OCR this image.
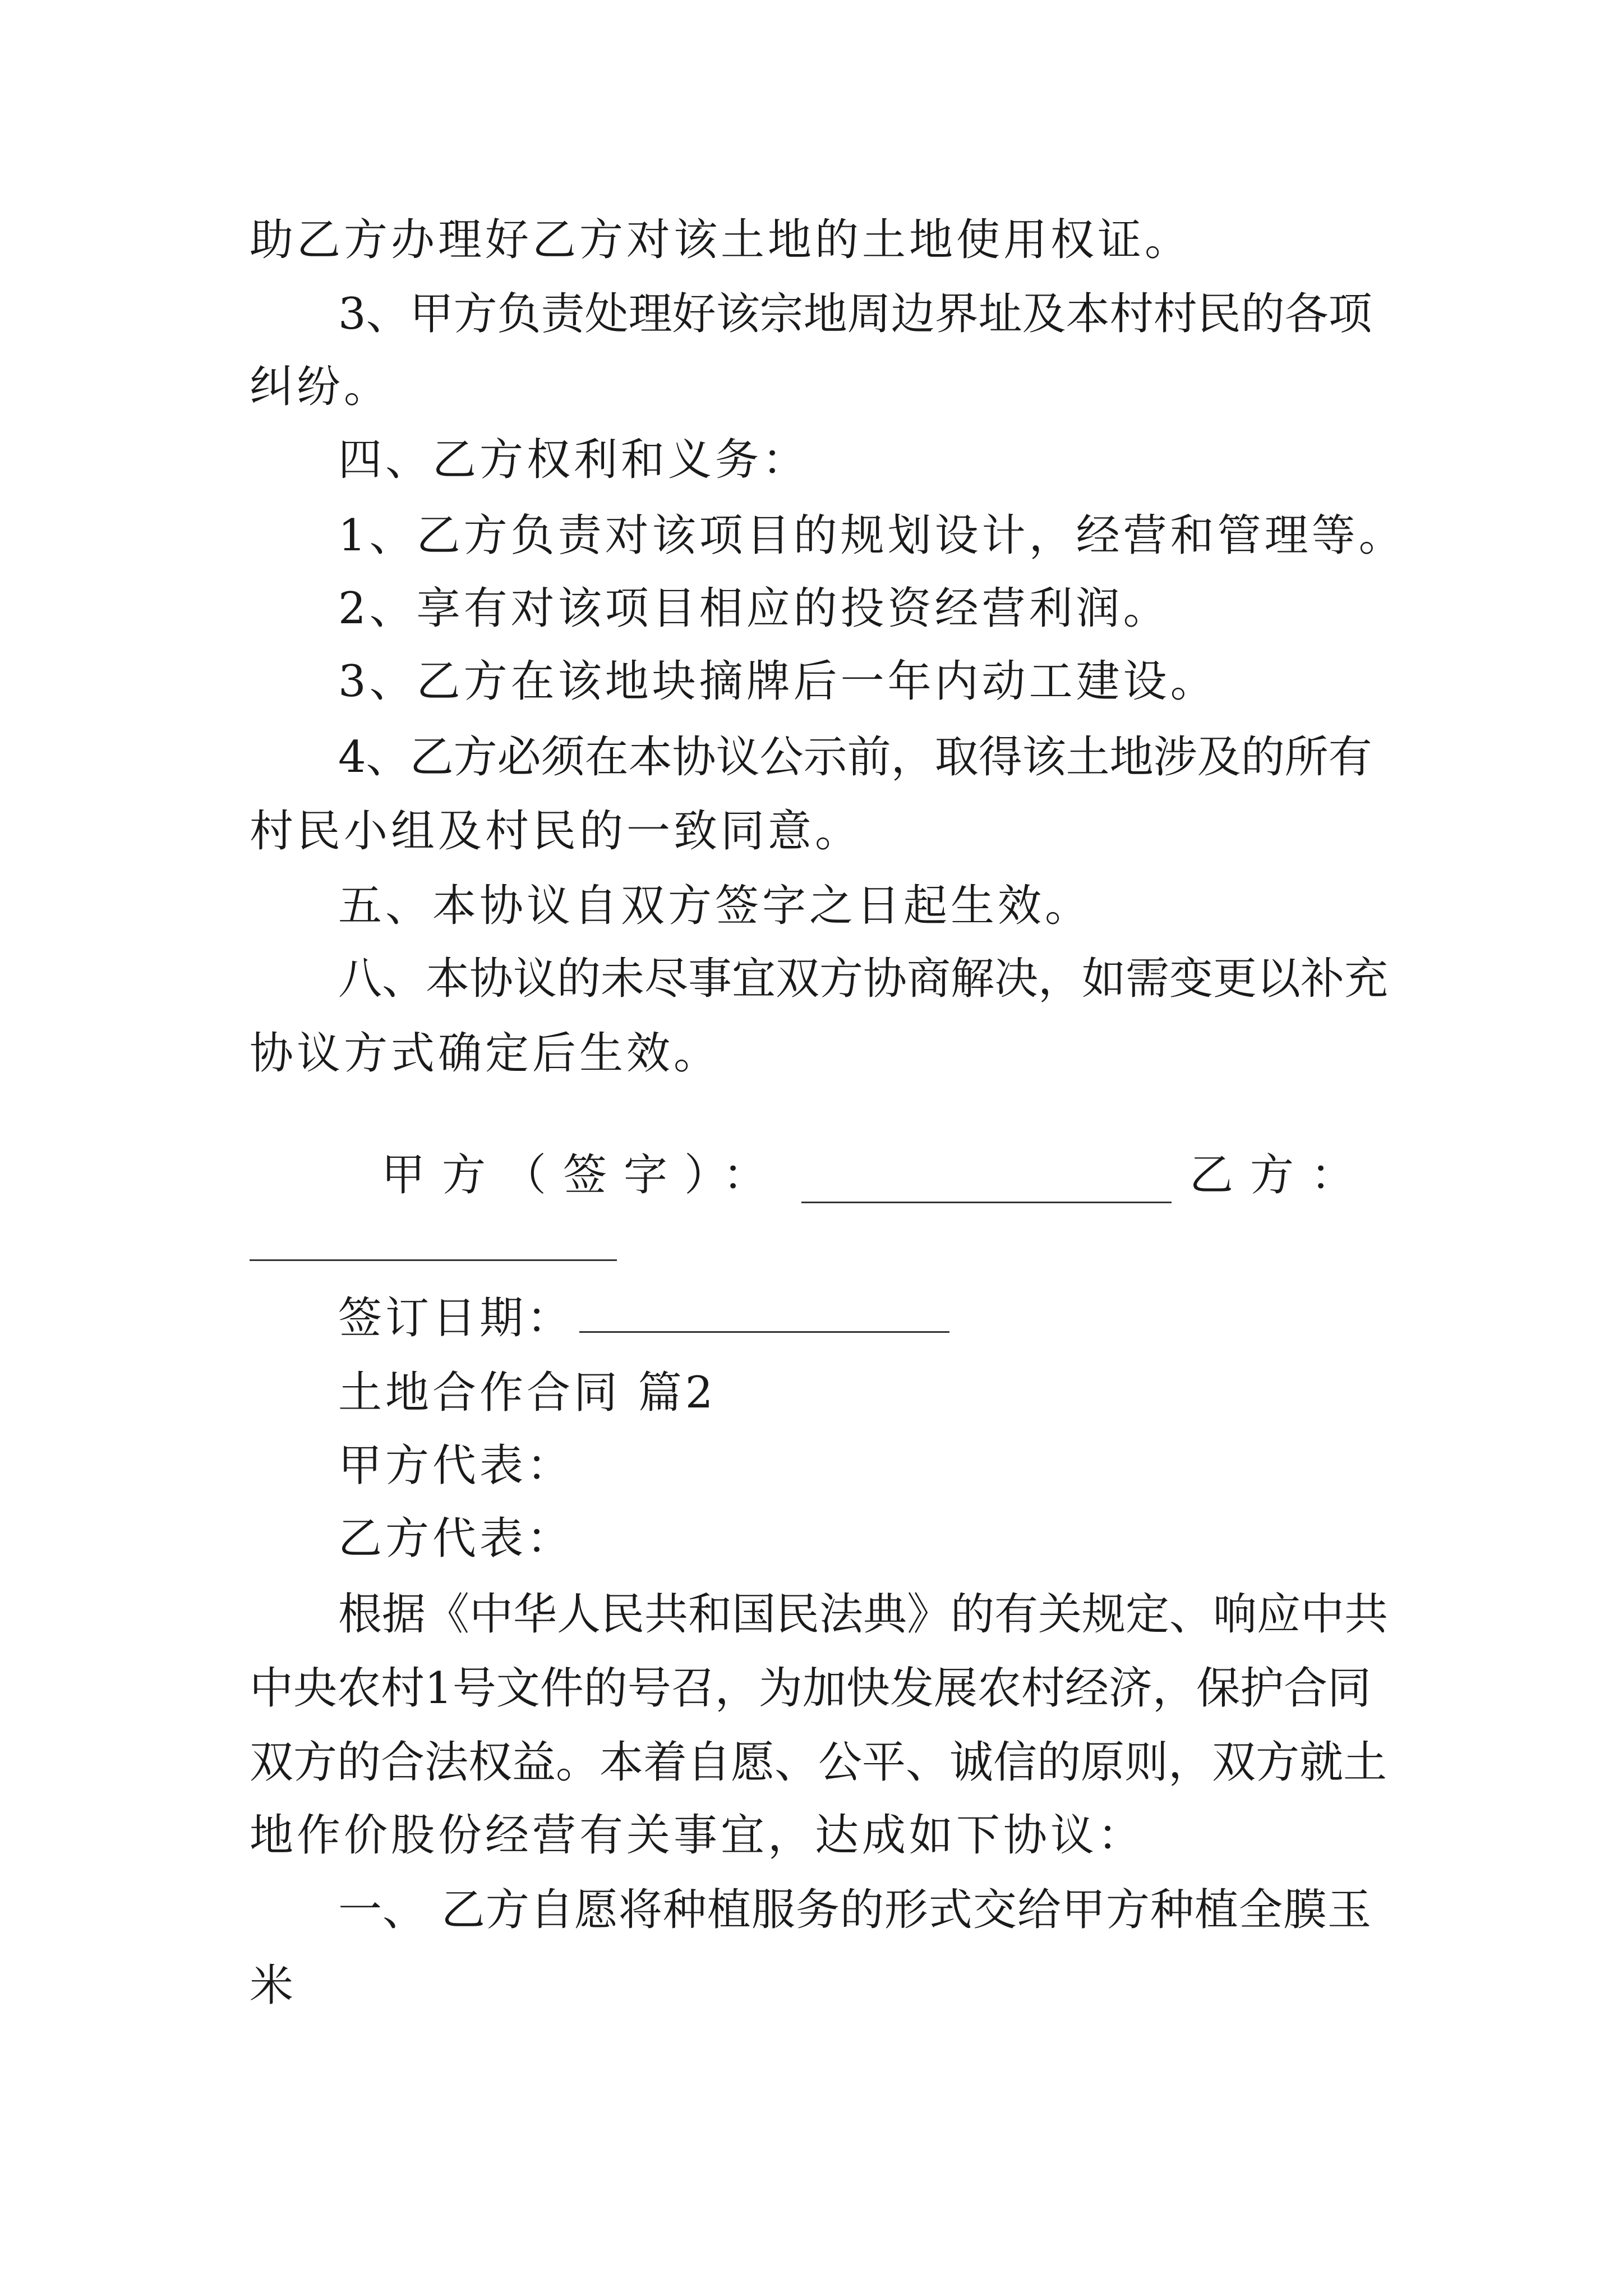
助乙方办理好乙方对该土地的土地使用权证。
3、甲方负责处理好该宗地周边界址及本村村民的各项
纠纷。
四、乙方权利和义务：
1、乙方负责对该项目的规划设计，经营和管理等。
2、享有对该项目相应的投资经营利润。
3、乙方在该地块摘牌后一年内动工建设。
4、乙方必须在本协议公示前，取得该土地涉及的所有
村民小组及村民的一致同意。
五、本协议自双方签字之日起生效。
八、本协议的未尽事宜双方协商解决，如需变更以补充
协议方式确定后生效。
甲方（签字）：	乙方：
签订日期：
土地合作合同 篇2
甲方代表：
乙方代表：
根据《中华人民共和国民法典》的有关规定、响应中共
中央农村1号文件的号召，为加快发展农村经济，保护合同
双方的合法权益。本着自愿、公平、诚信的原则，双方就土
地作价股份经营有关事宜，达成如下协议：
一、 乙方自愿将种植服务的形式交给甲方种植全膜玉
米
